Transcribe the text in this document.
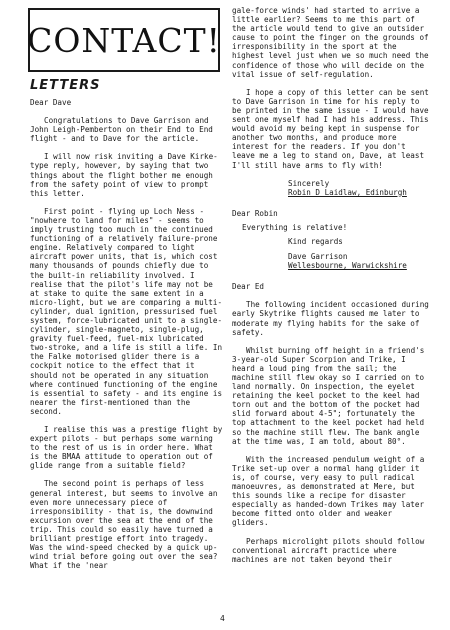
CONTACT!
LETTERS

Dear Dave

Congratulations to Dave Garrison and John Leigh-Pemberton on their End to End flight - and to Dave for the article.

I will now risk inviting a Dave Kirke-type reply, however, by saying that two things about the flight bother me enough from the safety point of view to prompt this letter.

First point - flying up Loch Ness - "nowhere to land for miles" - seems to imply trusting too much in the continued functioning of a relatively failure-prone engine. Relatively compared to light aircraft power units, that is, which cost many thousands of pounds chiefly due to the built-in reliability involved. I realise that the pilot's life may not be at stake to quite the same extent in a micro-light, but we are comparing a multi-cylinder, dual ignition, pressurised fuel system, force-lubricated unit to a single-cylinder, single-magneto, single-plug, gravity fuel-feed, fuel-mix lubricated two-stroke, and a life is still a life. In the Falke motorised glider there is a cockpit notice to the effect that it should not be operated in any situation where continued functioning of the engine is essential to safety - and its engine is nearer the first-mentioned than the second.

I realise this was a prestige flight by expert pilots - but perhaps some warning to the rest of us is in order here. What is the BMAA attitude to operation out of glide range from a suitable field?

The second point is perhaps of less general interest, but seems to involve an even more unnecessary piece of irresponsibility - that is, the downwind excursion over the sea at the end of the trip. This could so easily have turned a brilliant prestige effort into tragedy. Was the wind-speed checked by a quick up-wind trial before going out over the sea? What if the 'near

gale-force winds' had started to arrive a little earlier? Seems to me this part of the article would tend to give an outsider cause to point the finger on the grounds of irresponsibility in the sport at the highest level just when we so much need the confidence of those who will decide on the vital issue of self-regulation.

I hope a copy of this letter can be sent to Dave Garrison in time for his reply to be printed in the same issue - I would have sent one myself had I had his address. This would avoid my being kept in suspense for another two months, and produce more interest for the readers. If you don't leave me a leg to stand on, Dave, at least I'll still have arms to fly with!

Sincerely
Robin D Laidlaw, Edinburgh

Dear Robin

Everything is relative!

Kind regards
Dave Garrison
Wellesbourne, Warwickshire

Dear Ed

The following incident occasioned during early Skytrike flights caused me later to moderate my flying habits for the sake of safety.

Whilst burning off height in a friend's 3-year-old Super Scorpion and Trike, I heard a loud ping from the sail; the machine still flew okay so I carried on to land normally. On inspection, the eyelet retaining the keel pocket to the keel had torn out and the bottom of the pocket had slid forward about 4-5"; fortunately the top attachment to the keel pocket had held so the machine still flew. The bank angle at the time was, I am told, about 80°.

With the increased pendulum weight of a Trike set-up over a normal hang glider it is, of course, very easy to pull radical manoeuvres, as demonstrated at Mere, but this sounds like a recipe for disaster especially as handed-down Trikes may later become fitted onto older and weaker gliders.

Perhaps microlight pilots should follow conventional aircraft practice where machines are not taken beyond their

4
